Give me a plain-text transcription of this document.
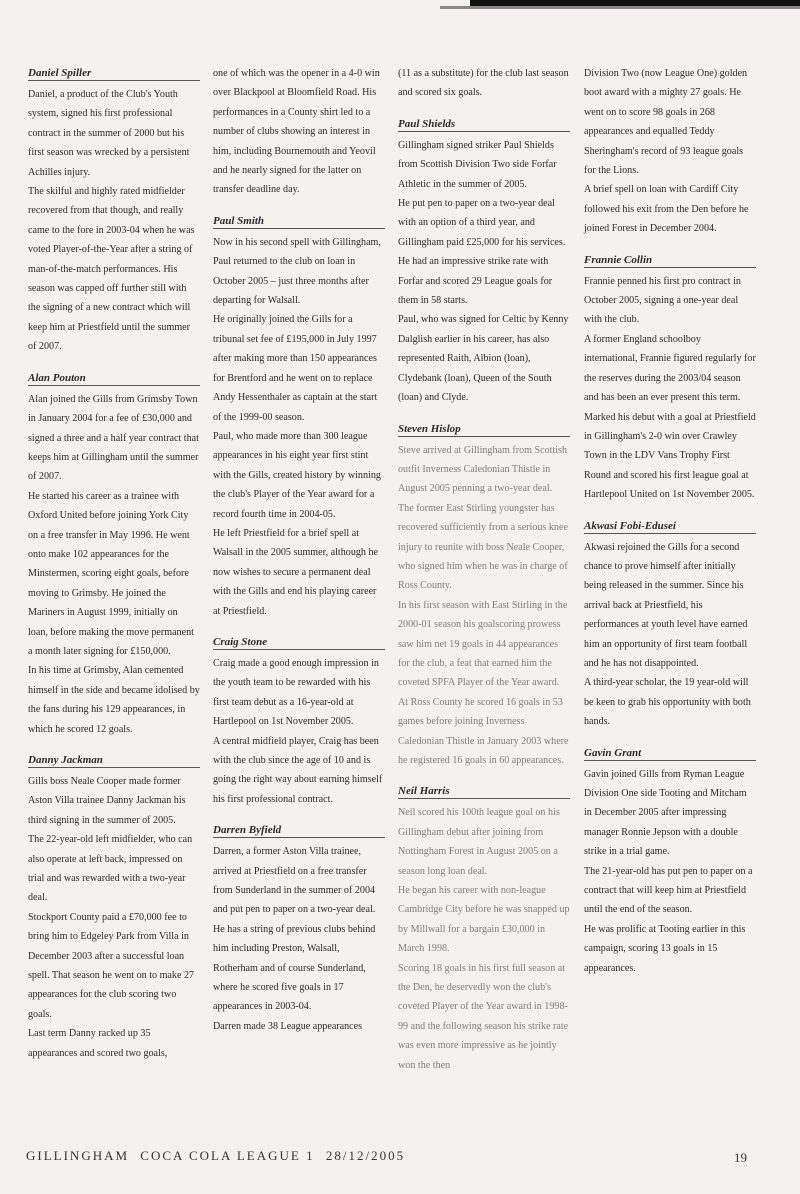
Daniel Spiller

Daniel, a product of the Club's Youth system, signed his first professional contract in the summer of 2000 but his first season was wrecked by a persistent Achilles injury.

The skilful and highly rated midfielder recovered from that though, and really came to the fore in 2003-04 when he was voted Player-of-the-Year after a string of man-of-the-match performances. His season was capped off further still with the signing of a new contract which will keep him at Priestfield until the summer of 2007.

Alan Pouton

Alan joined the Gills from Grimsby Town in January 2004 for a fee of £30,000 and signed a three and a half year contract that keeps him at Gillingham until the summer of 2007.

He started his career as a trainee with Oxford United before joining York City on a free transfer in May 1996. He went onto make 102 appearances for the Minstermen, scoring eight goals, before moving to Grimsby. He joined the Mariners in August 1999, initially on loan, before making the move permanent a month later signing for £150,000.

In his time at Grimsby, Alan cemented himself in the side and became idolised by the fans during his 129 appearances, in which he scored 12 goals.

Danny Jackman

Gills boss Neale Cooper made former Aston Villa trainee Danny Jackman his third signing in the summer of 2005.

The 22-year-old left midfielder, who can also operate at left back, impressed on trial and was rewarded with a two-year deal.

Stockport County paid a £70,000 fee to bring him to Edgeley Park from Villa in December 2003 after a successful loan spell. That season he went on to make 27 appearances for the club scoring two goals.

Last term Danny racked up 35 appearances and scored two goals,

one of which was the opener in a 4-0 win over Blackpool at Bloomfield Road. His performances in a County shirt led to a number of clubs showing an interest in him, including Bournemouth and Yeovil and he nearly signed for the latter on transfer deadline day.

Paul Smith

Now in his second spell with Gillingham, Paul returned to the club on loan in October 2005 – just three months after departing for Walsall.

He originally joined the Gills for a tribunal set fee of £195,000 in July 1997 after making more than 150 appearances for Brentford and he went on to replace Andy Hessenthaler as captain at the start of the 1999-00 season.

Paul, who made more than 300 league appearances in his eight year first stint with the Gills, created history by winning the club's Player of the Year award for a record fourth time in 2004-05.

He left Priestfield for a brief spell at Walsall in the 2005 summer, although he now wishes to secure a permanent deal with the Gills and end his playing career at Priestfield.

Craig Stone

Craig made a good enough impression in the youth team to be rewarded with his first team debut as a 16-year-old at Hartlepool on 1st November 2005.

A central midfield player, Craig has been with the club since the age of 10 and is going the right way about earning himself his first professional contract.

Darren Byfield

Darren, a former Aston Villa trainee, arrived at Priestfield on a free transfer from Sunderland in the summer of 2004 and put pen to paper on a two-year deal.

He has a string of previous clubs behind him including Preston, Walsall, Rotherham and of course Sunderland, where he scored five goals in 17 appearances in 2003-04.

Darren made 38 League appearances

(11 as a substitute) for the club last season and scored six goals.

Paul Shields

Gillingham signed striker Paul Shields from Scottish Division Two side Forfar Athletic in the summer of 2005.

He put pen to paper on a two-year deal with an option of a third year, and Gillingham paid £25,000 for his services. He had an impressive strike rate with Forfar and scored 29 League goals for them in 58 starts.

Paul, who was signed for Celtic by Kenny Dalglish earlier in his career, has also represented Raith, Albion (loan), Clydebank (loan), Queen of the South (loan) and Clyde.

Steven Hislop

Steve arrived at Gillingham from Scottish outfit Inverness Caledonian Thistle in August 2005 penning a two-year deal. The former East Stirling youngster has recovered sufficiently from a serious knee injury to reunite with boss Neale Cooper, who signed him when he was in charge of Ross County.

In his first season with East Stirling in the 2000-01 season his goalscoring prowess saw him net 19 goals in 44 appearances for the club, a feat that earned him the coveted SPFA Player of the Year award. At Ross County he scored 16 goals in 53 games before joining Inverness Caledonian Thistle in January 2003 where he registered 16 goals in 60 appearances.

Neil Harris

Neil scored his 100th league goal on his Gillingham debut after joining from Nottingham Forest in August 2005 on a season long loan deal.

He began his career with non-league Cambridge City before he was snapped up by Millwall for a bargain £30,000 in March 1998.

Scoring 18 goals in his first full season at the Den, he deservedly won the club's coveted Player of the Year award in 1998-99 and the following season his strike rate was even more impressive as he jointly won the then

Division Two (now League One) golden boot award with a mighty 27 goals. He went on to score 98 goals in 268 appearances and equalled Teddy Sheringham's record of 93 league goals for the Lions.

A brief spell on loan with Cardiff City followed his exit from the Den before he joined Forest in December 2004.

Frannie Collin

Frannie penned his first pro contract in October 2005, signing a one-year deal with the club.

A former England schoolboy international, Frannie figured regularly for the reserves during the 2003/04 season and has been an ever present this term.

Marked his debut with a goal at Priestfield in Gillingham's 2-0 win over Crawley Town in the LDV Vans Trophy First Round and scored his first league goal at Hartlepool United on 1st November 2005.

Akwasi Fobi-Edusei

Akwasi rejoined the Gills for a second chance to prove himself after initially being released in the summer. Since his arrival back at Priestfield, his performances at youth level have earned him an opportunity of first team football and he has not disappointed.

A third-year scholar, the 19 year-old will be keen to grab his opportunity with both hands.

Gavin Grant

Gavin joined Gills from Ryman League Division One side Tooting and Mitcham in December 2005 after impressing manager Ronnie Jepson with a double strike in a trial game.

The 21-year-old has put pen to paper on a contract that will keep him at Priestfield until the end of the season.

He was prolific at Tooting earlier in this campaign, scoring 13 goals in 15 appearances.

GILLINGHAM COCA COLA LEAGUE 1 28/12/2005	19
